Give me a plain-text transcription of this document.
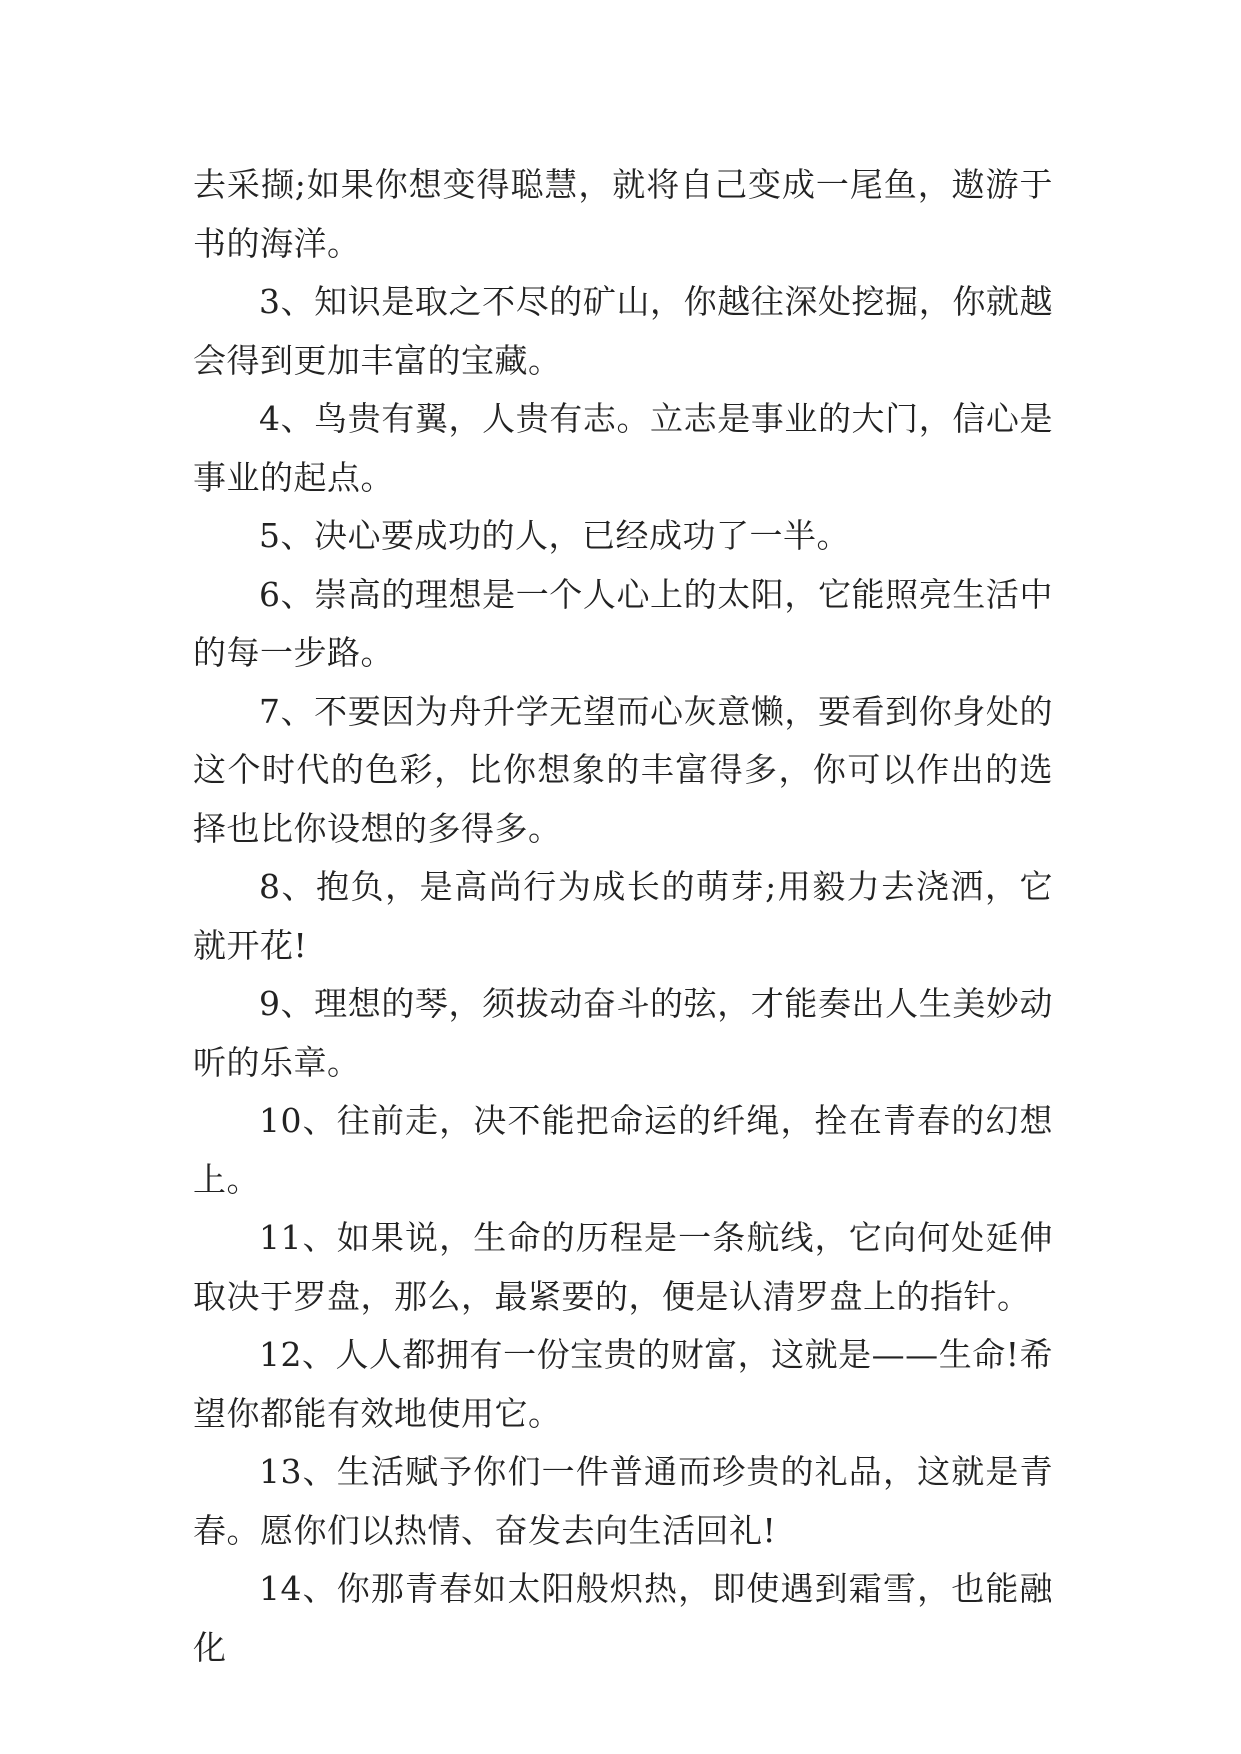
去采撷;如果你想变得聪慧，就将自己变成一尾鱼，遨游于书的海洋。

3、知识是取之不尽的矿山，你越往深处挖掘，你就越会得到更加丰富的宝藏。

4、鸟贵有翼，人贵有志。立志是事业的大门，信心是事业的起点。

5、决心要成功的人，已经成功了一半。

6、崇高的理想是一个人心上的太阳，它能照亮生活中的每一步路。

7、不要因为舟升学无望而心灰意懒，要看到你身处的这个时代的色彩，比你想象的丰富得多，你可以作出的选择也比你设想的多得多。

8、抱负，是高尚行为成长的萌芽;用毅力去浇洒，它就开花!

9、理想的琴，须拔动奋斗的弦，才能奏出人生美妙动听的乐章。

10、往前走，决不能把命运的纤绳，拴在青春的幻想上。

11、如果说，生命的历程是一条航线，它向何处延伸取决于罗盘，那么，最紧要的，便是认清罗盘上的指针。

12、人人都拥有一份宝贵的财富，这就是——生命!希望你都能有效地使用它。

13、生活赋予你们一件普通而珍贵的礼品，这就是青春。愿你们以热情、奋发去向生活回礼!

14、你那青春如太阳般炽热，即使遇到霜雪，也能融化
